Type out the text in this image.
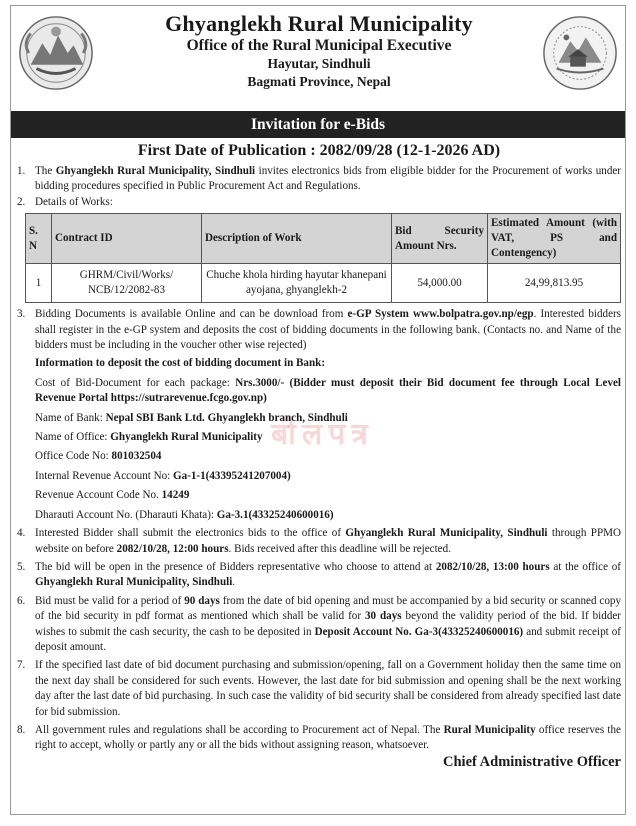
Ghyanglekh Rural Municipality
Office of the Rural Municipal Executive
Hayutar, Sindhuli
Bagmati Province, Nepal
Invitation for e-Bids
First Date of Publication : 2082/09/28 (12-1-2026 AD)
बोलपत्र
1. The Ghyanglekh Rural Municipality, Sindhuli invites electronics bids from eligible bidder for the Procurement of works under bidding procedures specified in Public Procurement Act and Regulations.
2. Details of Works:
S. N	Contract ID	Description of Work	Bid Security Amount Nrs.	Estimated Amount (with VAT, PS and Contengency)
1	GHRM/Civil/Works/ NCB/12/2082-83	Chuche khola hirding hayutar khanepani ayojana, ghyanglekh-2	54,000.00	24,99,813.95
3. Bidding Documents is available Online and can be download from e-GP System www.bolpatra.gov.np/egp. Interested bidders shall register in the e-GP system and deposits the cost of bidding documents in the following bank. (Contacts no. and Name of the bidders must be including in the voucher other wise rejected)
Information to deposit the cost of bidding document in Bank:
Cost of Bid-Document for each package: Nrs.3000/- (Bidder must deposit their Bid document fee through Local Level Revenue Portal https://sutrarevenue.fcgo.gov.np)
Name of Bank: Nepal SBI Bank Ltd. Ghyanglekh branch, Sindhuli
Name of Office: Ghyanglekh Rural Municipality
Office Code No: 801032504
Internal Revenue Account No: Ga-1-1(43395241207004)
Revenue Account Code No. 14249
Dharauti Account No. (Dharauti Khata): Ga-3.1(43325240600016)
4. Interested Bidder shall submit the electronics bids to the office of Ghyanglekh Rural Municipality, Sindhuli through PPMO website on before 2082/10/28, 12:00 hours. Bids received after this deadline will be rejected.
5. The bid will be open in the presence of Bidders representative who choose to attend at 2082/10/28, 13:00 hours at the office of Ghyanglekh Rural Municipality, Sindhuli.
6. Bid must be valid for a period of 90 days from the date of bid opening and must be accompanied by a bid security or scanned copy of the bid security in pdf format as mentioned which shall be valid for 30 days beyond the validity period of the bid. If bidder wishes to submit the cash security, the cash to be deposited in Deposit Account No. Ga-3(43325240600016) and submit receipt of deposit amount.
7. If the specified last date of bid document purchasing and submission/opening, fall on a Government holiday then the same time on the next day shall be considered for such events. However, the last date for bid submission and opening shall be the next working day after the last date of bid purchasing. In such case the validity of bid security shall be considered from already specified last date for bid submission.
8. All government rules and regulations shall be according to Procurement act of Nepal. The Rural Municipality office reserves the right to accept, wholly or partly any or all the bids without assigning reason, whatsoever.
Chief Administrative Officer
